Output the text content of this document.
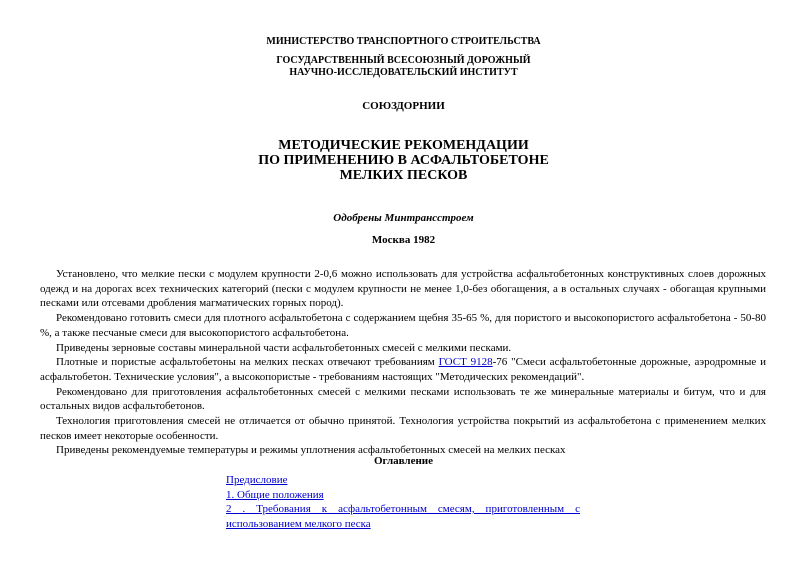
МИНИСТЕРСТВО ТРАНСПОРТНОГО СТРОИТЕЛЬСТВА
ГОСУДАРСТВЕННЫЙ ВСЕСОЮЗНЫЙ ДОРОЖНЫЙ
НАУЧНО-ИССЛЕДОВАТЕЛЬСКИЙ ИНСТИТУТ
СОЮЗДОРНИИ
МЕТОДИЧЕСКИЕ РЕКОМЕНДАЦИИ
ПО ПРИМЕНЕНИЮ В АСФАЛЬТОБЕТОНЕ
МЕЛКИХ ПЕСКОВ
Одобрены Минтрансстроем
Москва 1982

Установлено, что мелкие пески с модулем крупности 2-0,6 можно использовать для устройства асфальтобетонных конструктивных слоев дорожных одежд и на дорогах всех технических категорий (пески с модулем крупности не менее 1,0-без обогащения, а в остальных случаях - обогащая крупными песками или отсевами дробления магматических горных пород).

Рекомендовано готовить смеси для плотного асфальтобетона с содержанием щебня 35-65 %, для пористого и высокопористого асфальтобетона - 50-80 %, а также песчаные смеси для высокопористого асфальтобетона.

Приведены зерновые составы минеральной части асфальтобетонных смесей с мелкими песками.

Плотные и пористые асфальтобетоны на мелких песках отвечают требованиям ГОСТ 9128-76 "Смеси асфальтобетонные дорожные, аэродромные и асфальтобетон. Технические условия", а высокопористые - требованиям настоящих "Методических рекомендаций".

Рекомендовано для приготовления асфальтобетонных смесей с мелкими песками использовать те же минеральные материалы и битум, что и для остальных видов асфальтобетонов.

Технология приготовления смесей не отличается от обычно принятой. Технология устройства покрытий из асфальтобетона с применением мелких песков имеет некоторые особенности.

Приведены рекомендуемые температуры и режимы уплотнения асфальтобетонных смесей на мелких песках

Оглавление
Предисловие
1. Общие положения
2 . Требования к асфальтобетонным смесям, приготовленным с
использованием мелкого песка
